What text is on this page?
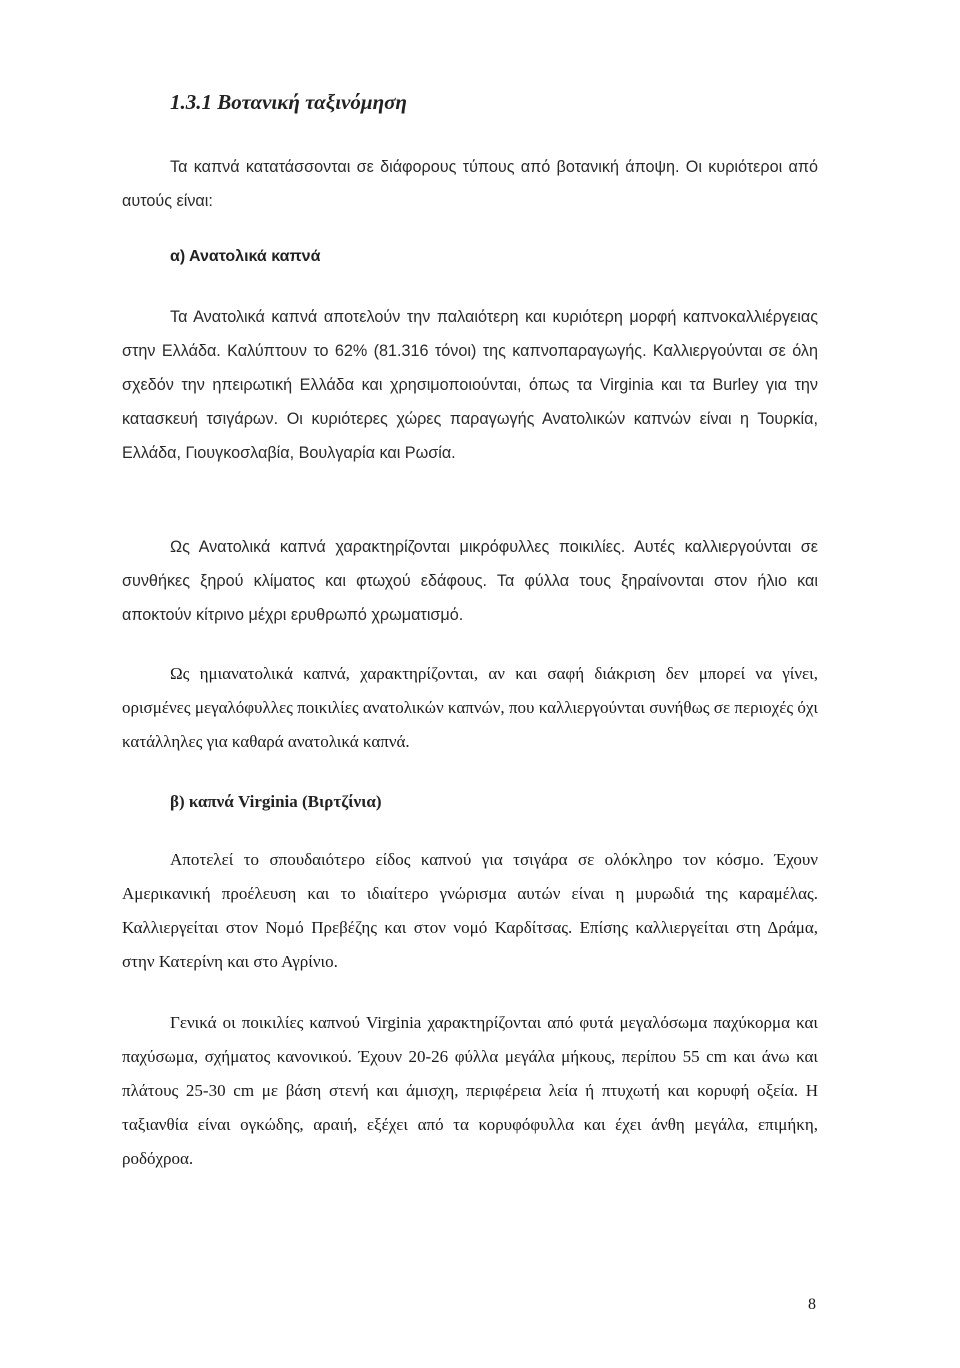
1.3.1 Βοτανική ταξινόμηση

Τα καπνά κατατάσσονται σε διάφορους τύπους από βοτανική άποψη. Οι κυριότεροι από αυτούς είναι:

α) Ανατολικά καπνά

Τα Ανατολικά καπνά αποτελούν την παλαιότερη και κυριότερη μορφή καπνοκαλλιέργειας στην Ελλάδα. Καλύπτουν το 62% (81.316 τόνοι) της καπνοπαραγωγής. Καλλιεργούνται σε όλη σχεδόν την ηπειρωτική Ελλάδα και χρησιμοποιούνται, όπως τα Virginia και τα Burley για την κατασκευή τσιγάρων. Οι κυριότερες χώρες παραγωγής Ανατολικών καπνών είναι η Τουρκία, Ελλάδα, Γιουγκοσλαβία, Βουλγαρία και Ρωσία.

Ως Ανατολικά καπνά χαρακτηρίζονται μικρόφυλλες ποικιλίες. Αυτές καλλιεργούνται σε συνθήκες ξηρού κλίματος και φτωχού εδάφους. Τα φύλλα τους ξηραίνονται στον ήλιο και αποκτούν κίτρινο μέχρι ερυθρωπό χρωματισμό.

Ως ημιανατολικά καπνά, χαρακτηρίζονται, αν και σαφή διάκριση δεν μπορεί να γίνει, ορισμένες μεγαλόφυλλες ποικιλίες ανατολικών καπνών, που καλλιεργούνται συνήθως σε περιοχές όχι κατάλληλες για καθαρά ανατολικά καπνά.

β) καπνά Virginia (Βιρτζίνια)

Αποτελεί το σπουδαιότερο είδος καπνού για τσιγάρα σε ολόκληρο τον κόσμο. Έχουν Αμερικανική προέλευση και το ιδιαίτερο γνώρισμα αυτών είναι η μυρωδιά της καραμέλας. Καλλιεργείται στον Νομό Πρεβέζης και στον νομό Καρδίτσας. Επίσης καλλιεργείται στη Δράμα, στην Κατερίνη και στο Αγρίνιο.

Γενικά οι ποικιλίες καπνού Virginia χαρακτηρίζονται από φυτά μεγαλόσωμα παχύκορμα και παχύσωμα, σχήματος κανονικού. Έχουν 20-26 φύλλα μεγάλα μήκους, περίπου 55 cm και άνω και πλάτους 25-30 cm με βάση στενή και άμισχη, περιφέρεια λεία ή πτυχωτή και κορυφή οξεία. Η ταξιανθία είναι ογκώδης, αραιή, εξέχει από τα κορυφόφυλλα και έχει άνθη μεγάλα, επιμήκη, ροδόχροα.

8
